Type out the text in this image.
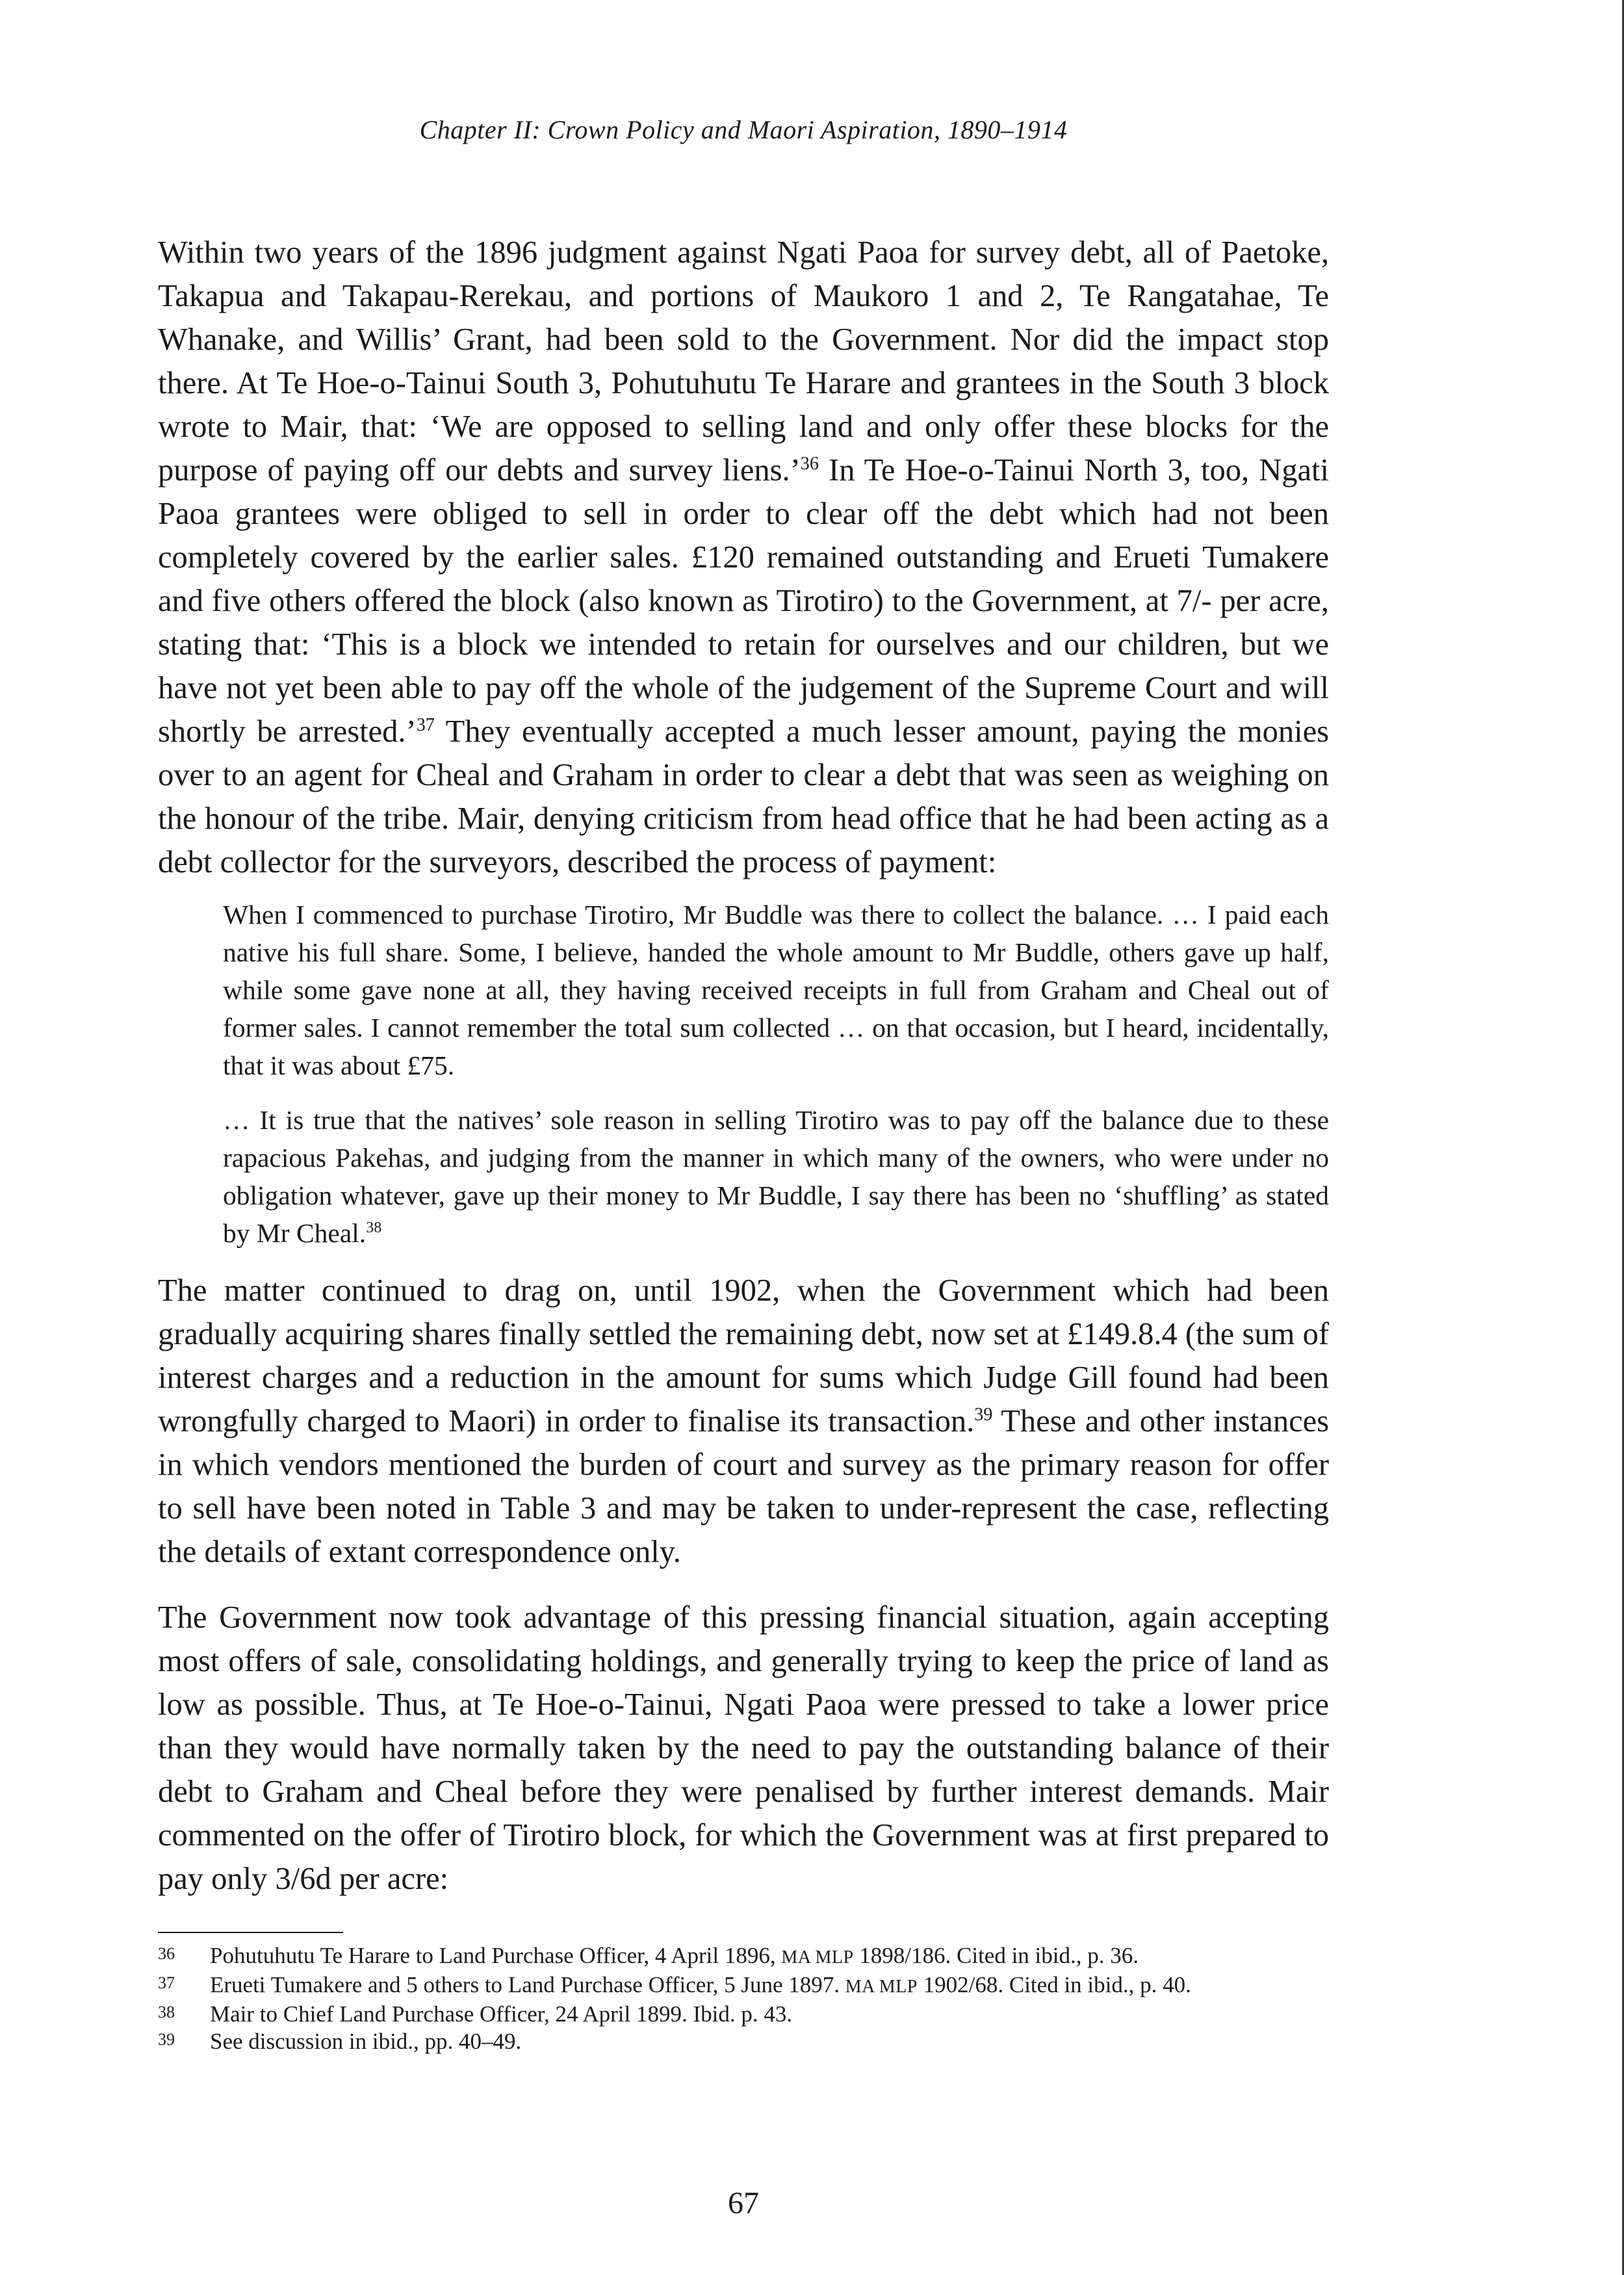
Chapter II: Crown Policy and Maori Aspiration, 1890–1914

Within two years of the 1896 judgment against Ngati Paoa for survey debt, all of Paetoke, Takapua and Takapau-Rerekau, and portions of Maukoro 1 and 2, Te Rangatahae, Te Whanake, and Willis’ Grant, had been sold to the Government. Nor did the impact stop there. At Te Hoe-o-Tainui South 3, Pohutuhutu Te Harare and grantees in the South 3 block wrote to Mair, that: ‘We are opposed to selling land and only offer these blocks for the purpose of paying off our debts and survey liens.’$^{36}$ In Te Hoe-o-Tainui North 3, too, Ngati Paoa grantees were obliged to sell in order to clear off the debt which had not been completely covered by the earlier sales. £120 remained outstanding and Erueti Tumakere and five others offered the block (also known as Tirotiro) to the Government, at 7/- per acre, stating that: ‘This is a block we intended to retain for ourselves and our children, but we have not yet been able to pay off the whole of the judgement of the Supreme Court and will shortly be arrested.’$^{37}$ They eventually accepted a much lesser amount, paying the monies over to an agent for Cheal and Graham in order to clear a debt that was seen as weighing on the honour of the tribe. Mair, denying criticism from head office that he had been acting as a debt collector for the surveyors, described the process of payment:

When I commenced to purchase Tirotiro, Mr Buddle was there to collect the balance. … I paid each native his full share. Some, I believe, handed the whole amount to Mr Buddle, others gave up half, while some gave none at all, they having received receipts in full from Graham and Cheal out of former sales. I cannot remember the total sum collected … on that occasion, but I heard, incidentally, that it was about £75.

… It is true that the natives’ sole reason in selling Tirotiro was to pay off the balance due to these rapacious Pakehas, and judging from the manner in which many of the owners, who were under no obligation whatever, gave up their money to Mr Buddle, I say there has been no ‘shuffling’ as stated by Mr Cheal.$^{38}$

The matter continued to drag on, until 1902, when the Government which had been gradually acquiring shares finally settled the remaining debt, now set at £149.8.4 (the sum of interest charges and a reduction in the amount for sums which Judge Gill found had been wrongfully charged to Maori) in order to finalise its transaction.$^{39}$ These and other instances in which vendors mentioned the burden of court and survey as the primary reason for offer to sell have been noted in Table 3 and may be taken to under-represent the case, reflecting the details of extant correspondence only.

The Government now took advantage of this pressing financial situation, again accepting most offers of sale, consolidating holdings, and generally trying to keep the price of land as low as possible. Thus, at Te Hoe-o-Tainui, Ngati Paoa were pressed to take a lower price than they would have normally taken by the need to pay the outstanding balance of their debt to Graham and Cheal before they were penalised by further interest demands. Mair commented on the offer of Tirotiro block, for which the Government was at first prepared to pay only 3/6d per acre:

36	Pohutuhutu Te Harare to Land Purchase Officer, 4 April 1896, MA MLP 1898/186. Cited in ibid., p. 36.
37	Erueti Tumakere and 5 others to Land Purchase Officer, 5 June 1897. MA MLP 1902/68. Cited in ibid., p. 40.
38	Mair to Chief Land Purchase Officer, 24 April 1899. Ibid. p. 43.
39	See discussion in ibid., pp. 40–49.
67
